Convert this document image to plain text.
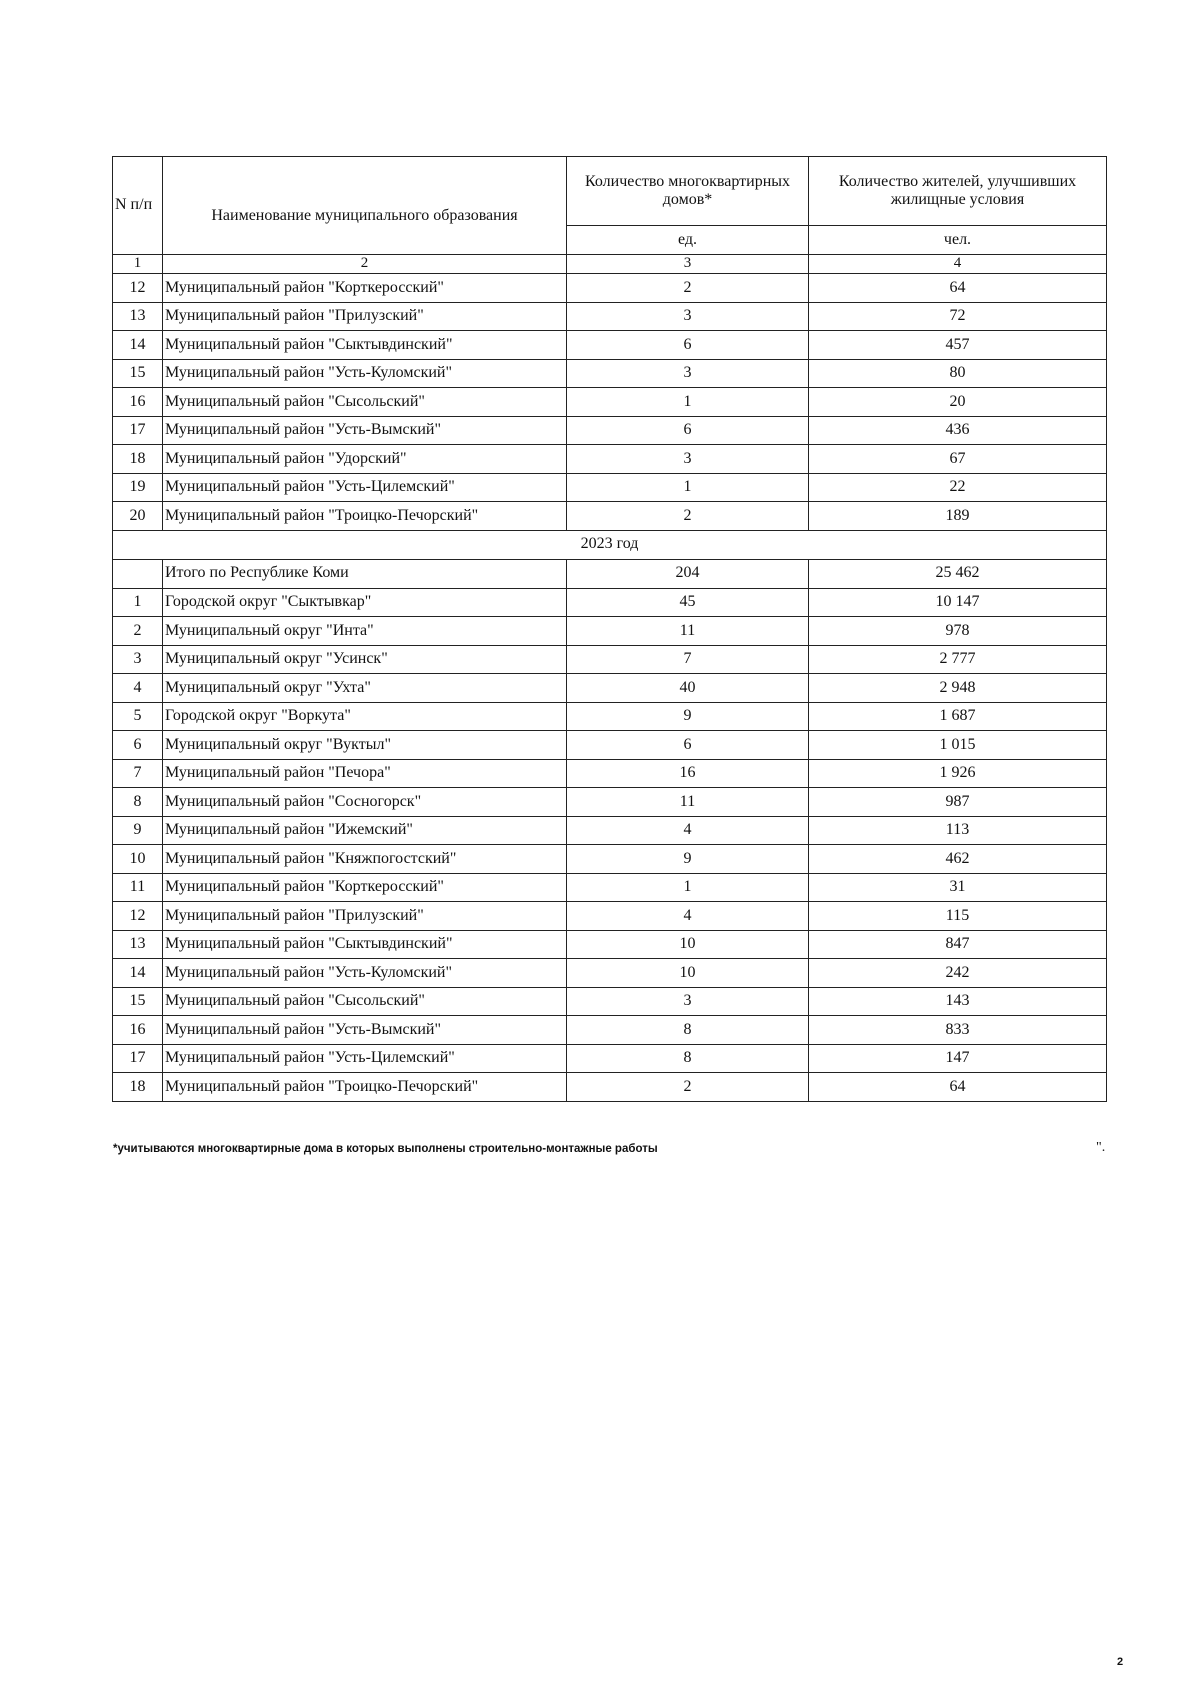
N п/п	Наименование муниципального образования	Количество многоквартирных домов*	Количество жителей, улучшивших жилищные условия
		ед.	чел.
1	2	3	4
12	Муниципальный район "Корткеросский"	2	64
13	Муниципальный район "Прилузский"	3	72
14	Муниципальный район "Сыктывдинский"	6	457
15	Муниципальный район "Усть-Куломский"	3	80
16	Муниципальный район "Сысольский"	1	20
17	Муниципальный район "Усть-Вымский"	6	436
18	Муниципальный район "Удорский"	3	67
19	Муниципальный район "Усть-Цилемский"	1	22
20	Муниципальный район "Троицко-Печорский"	2	189
2023 год			
	Итого по Республике Коми	204	25 462
1	Городской округ "Сыктывкар"	45	10 147
2	Муниципальный округ "Инта"	11	978
3	Муниципальный округ "Усинск"	7	2 777
4	Муниципальный округ "Ухта"	40	2 948
5	Городской округ "Воркута"	9	1 687
6	Муниципальный округ "Вуктыл"	6	1 015
7	Муниципальный район "Печора"	16	1 926
8	Муниципальный район "Сосногорск"	11	987
9	Муниципальный район "Ижемский"	4	113
10	Муниципальный район "Княжпогостский"	9	462
11	Муниципальный район "Корткеросский"	1	31
12	Муниципальный район "Прилузский"	4	115
13	Муниципальный район "Сыктывдинский"	10	847
14	Муниципальный район "Усть-Куломский"	10	242
15	Муниципальный район "Сысольский"	3	143
16	Муниципальный район "Усть-Вымский"	8	833
17	Муниципальный район "Усть-Цилемский"	8	147
18	Муниципальный район "Троицко-Печорский"	2	64
*учитываются многоквартирные дома в которых выполнены строительно-монтажные работы	".
2
